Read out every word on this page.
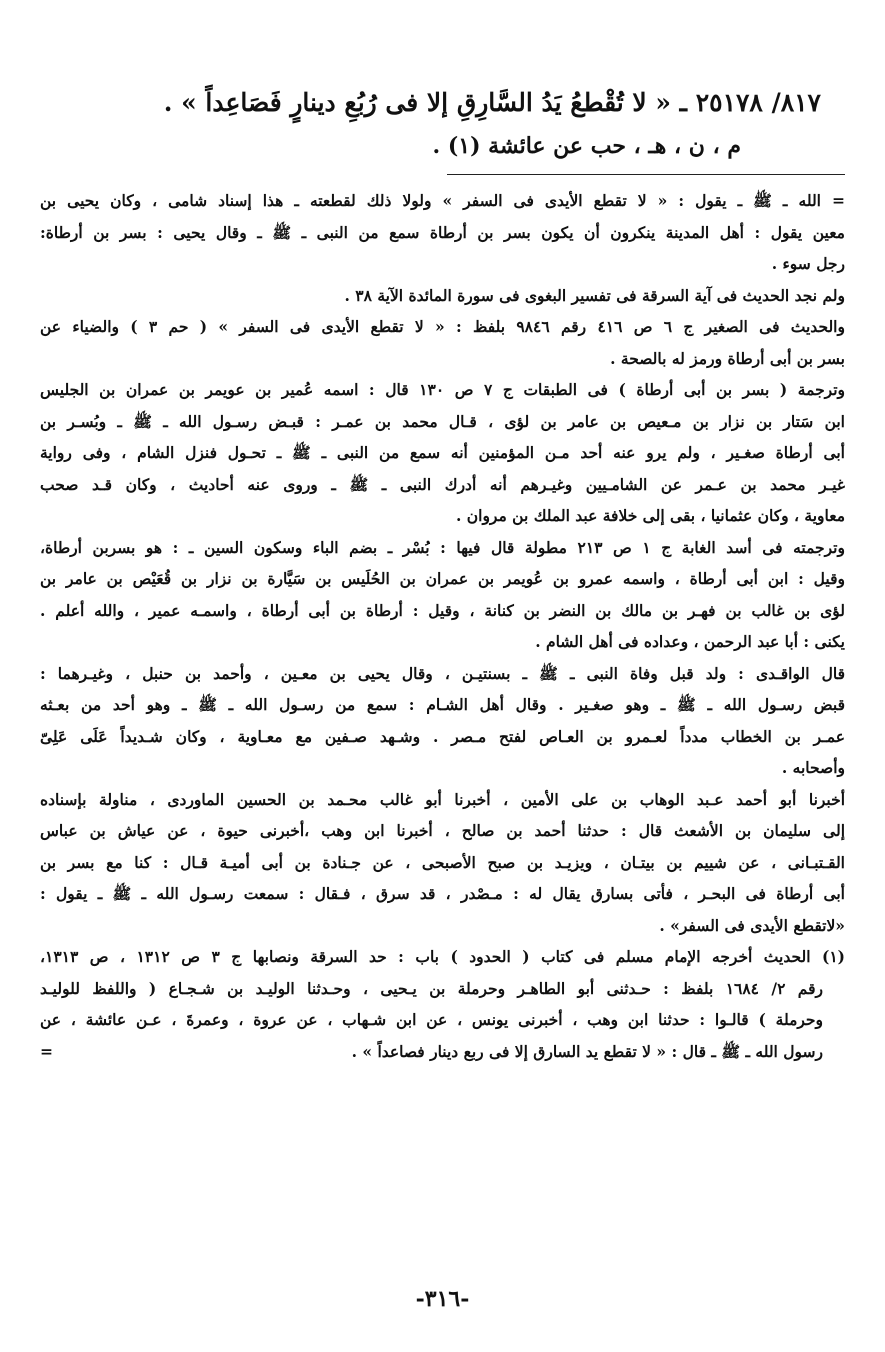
٨١٧/ ٢٥١٧٨ ـ « لا تُقْطعُ يَدُ السَّارِقِ إلا فى رُبُعِ دينارٍ فَصَاعِداً » .

م ، ن ، هـ ، حب عن عائشة (١) .

= الله ـ ﷺ ـ يقول : « لا تقطع الأيدى فى السفر » ولولا ذلك لقطعته ـ هذا إسناد شامى ، وكان يحيى بن

معين يقول : أهل المدينة ينكرون أن يكون بسر بن أرطاة سمع من النبى ـ ﷺ ـ وقال يحيى : بسر بن أرطاة:

رجل سوء .

ولم نجد الحديث فى آية السرقة فى تفسير البغوى فى سورة المائدة الآية ٣٨ .

والحديث فى الصغير ج ٦ ص ٤١٦ رقم ٩٨٤٦ بلفظ : « لا تقطع الأيدى فى السفر » ( حم ٣ ) والضياء عن

بسر بن أبى أرطاة ورمز له بالصحة .

وترجمة ( بسر بن أبى أرطاة ) فى الطبقات ج ٧ ص ١٣٠ قال : اسمه عُمير بن عويمر بن عمران بن الجليس

ابن سَتار بن نزار بن مـعيص بن عامر بن لؤى ، قـال محمد بن عمـر : قبـض رسـول الله ـ ﷺ ـ وبُسـر بن

أبى أرطاة صغـير ، ولم يرو عنه أحد مـن المؤمنين أنه سمع من النبى ـ ﷺ ـ تحـول فنزل الشام ، وفى رواية

غيـر محمد بن عـمر عن الشامـيين وغيـرهم أنه أدرك النبى ـ ﷺ ـ وروى عنه أحاديث ، وكان قـد صحب

معاوية ، وكان عثمانيا ، بقى إلى خلافة عبد الملك بن مروان .

وترجمته فى أسد الغابة ج ١ ص ٢١٣ مطولة قال فيها : بُسْر ـ بضم الباء وسكون السين ـ : هو بسربن أرطاة،

وقيل : ابن أبى أرطاة ، واسمه عمرو بن عُويمر بن عمران بن الحُلَيس بن سَيَّارة بن نزار بن قُعَيْص بن عامر بن

لؤى بن غالب بن فهـر بن مالك بن النضر بن كنانة ، وقيل : أرطاة بن أبى أرطاة ، واسمـه عمير ، والله أعلم .

يكنى : أبا عبد الرحمن ، وعداده فى أهل الشام .

قال الواقـدى : ولد قبل وفاة النبى ـ ﷺ ـ بسنتيـن ، وقال يحيى بن معـين ، وأحمد بن حنبل ، وغيـرهما :

قبض رسـول الله ـ ﷺ ـ وهو صغـير . وقال أهل الشـام : سمع من رسـول الله ـ ﷺ ـ وهو أحد من بعـثه

عمـر بن الخطاب مدداً لعـمرو بن العـاص لفتح مـصر . وشـهد صـفين مع معـاوية ، وكان شـديداً عَلَى عَلِىّ

وأصحابه .

أخبرنا أبو أحمد عـبد الوهاب بن على الأمين ، أخبرنا أبو غالب محـمد بن الحسين الماوردى ، مناولة بإسناده

إلى سليمان بن الأشعث قال : حدثنا أحمد بن صالح ، أخبرنا ابن وهب ،أخبرنى حيوة ، عن عياش بن عباس

القـتبـانى ، عن شييم بن بيتـان ، ويزيـد بن صبح الأصبحى ، عن جـنادة بن أبى أميـة قـال : كنا مع بسر بن

أبى أرطاة فى البحـر ، فأتى بسارق يقال له : مـصْدر ، قد سرق ، فـقال : سمعت رسـول الله ـ ﷺ ـ يقول :

«لاتقطع الأيدى فى السفر» .

(١) الحديث أخرجه الإمام مسلم فى كتاب ( الحدود ) باب : حد السرقة ونصابها ج ٣ ص ١٣١٢ ، ص ١٣١٣،

رقم ٢/ ١٦٨٤ بلفظ : حـدثنى أبو الطاهـر وحرملة بن يـحيى ، وحـدثنا الوليـد بن شـجـاع ( واللفظ للوليـد

وحرملة ) قالـوا : حدثنا ابن وهب ، أخبرنى يونس ، عن ابن شـهاب ، عن عروة ، وعمرةَ ، عـن عائشة ، عن

رسول الله ـ ﷺ ـ قال : « لا تقطع يد السارق إلا فى ربع دينار فصاعداً » .
=

-٣١٦-
